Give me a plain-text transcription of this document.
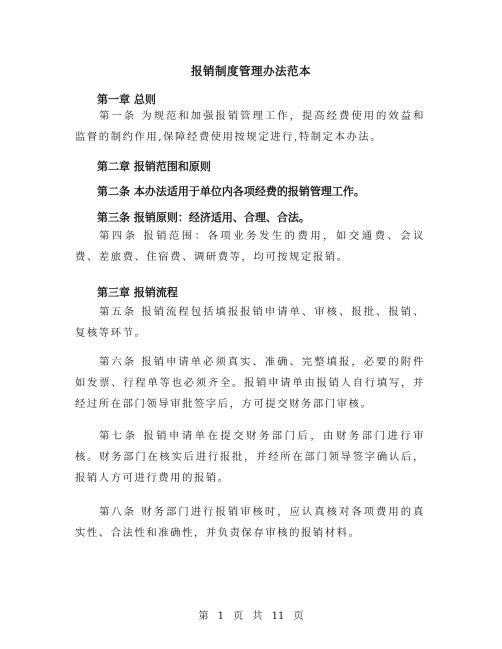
报销制度管理办法范本
第一章 总则
第一条 为规范和加强报销管理工作，提高经费使用的效益和监督的制约作用,保障经费使用按规定进行,特制定本办法。
第二章 报销范围和原则
第二条 本办法适用于单位内各项经费的报销管理工作。
第三条 报销原则：经济适用、合理、合法。
第四条 报销范围：各项业务发生的费用，如交通费、会议费、差旅费、住宿费、调研费等，均可按规定报销。
第三章 报销流程
第五条 报销流程包括填报报销申请单、审核、报批、报销、复核等环节。
第六条 报销申请单必须真实、准确、完整填报，必要的附件如发票、行程单等也必须齐全。报销申请单由报销人自行填写，并经过所在部门领导审批签字后，方可提交财务部门审核。
第七条 报销申请单在提交财务部门后，由财务部门进行审核。财务部门在核实后进行报批，并经所在部门领导签字确认后，报销人方可进行费用的报销。
第八条 财务部门进行报销审核时，应认真核对各项费用的真实性、合法性和准确性，并负责保存审核的报销材料。
第 1 页 共 11 页
